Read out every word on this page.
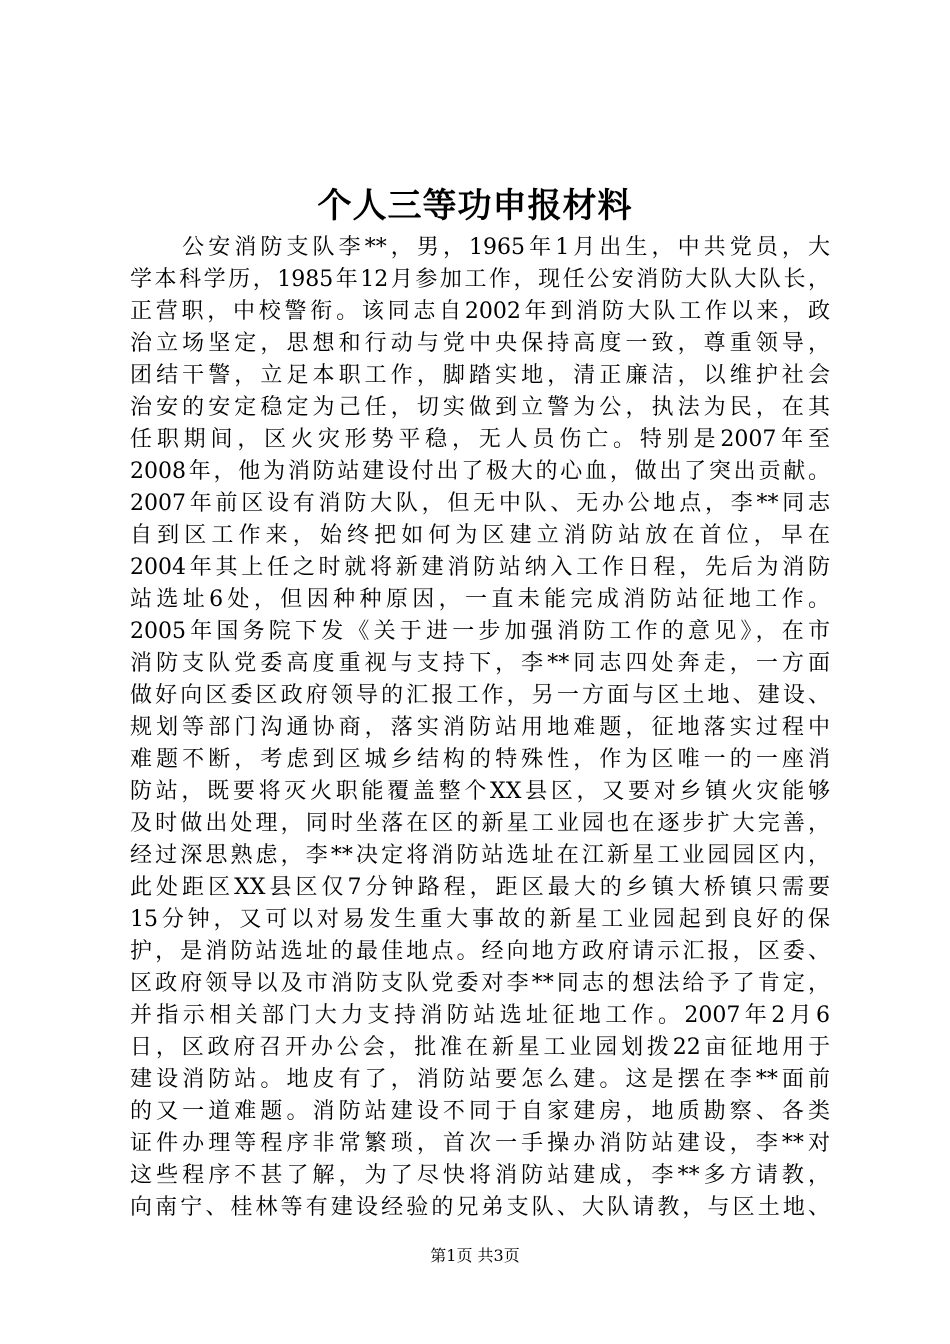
个人三等功申报材料
　　公安消防支队李**，男，1965年1月出生，中共党员，大
学本科学历，1985年12月参加工作，现任公安消防大队大队长，
正营职，中校警衔。该同志自2002年到消防大队工作以来，政
治立场坚定，思想和行动与党中央保持高度一致，尊重领导，
团结干警，立足本职工作，脚踏实地，清正廉洁，以维护社会
治安的安定稳定为己任，切实做到立警为公，执法为民，在其
任职期间，区火灾形势平稳，无人员伤亡。特别是2007年至
2008年，他为消防站建设付出了极大的心血，做出了突出贡献。
2007年前区设有消防大队，但无中队、无办公地点，李**同志
自到区工作来，始终把如何为区建立消防站放在首位，早在
2004年其上任之时就将新建消防站纳入工作日程，先后为消防
站选址6处，但因种种原因，一直未能完成消防站征地工作。
2005年国务院下发《关于进一步加强消防工作的意见》，在市
消防支队党委高度重视与支持下，李**同志四处奔走，一方面
做好向区委区政府领导的汇报工作，另一方面与区土地、建设、
规划等部门沟通协商，落实消防站用地难题，征地落实过程中
难题不断，考虑到区城乡结构的特殊性，作为区唯一的一座消
防站，既要将灭火职能覆盖整个XX县区，又要对乡镇火灾能够
及时做出处理，同时坐落在区的新星工业园也在逐步扩大完善，
经过深思熟虑，李**决定将消防站选址在江新星工业园园区内，
此处距区XX县区仅7分钟路程，距区最大的乡镇大桥镇只需要
15分钟，又可以对易发生重大事故的新星工业园起到良好的保
护，是消防站选址的最佳地点。经向地方政府请示汇报，区委、
区政府领导以及市消防支队党委对李**同志的想法给予了肯定，
并指示相关部门大力支持消防站选址征地工作。2007年2月6
日，区政府召开办公会，批准在新星工业园划拨22亩征地用于
建设消防站。地皮有了，消防站要怎么建。这是摆在李**面前
的又一道难题。消防站建设不同于自家建房，地质勘察、各类
证件办理等程序非常繁琐，首次一手操办消防站建设，李**对
这些程序不甚了解，为了尽快将消防站建成，李**多方请教，
向南宁、桂林等有建设经验的兄弟支队、大队请教，与区土地、
第1页 共3页
